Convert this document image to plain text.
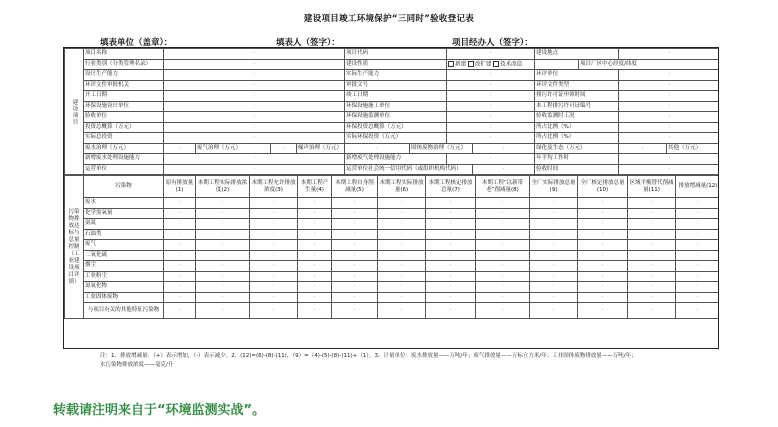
建设项目竣工环境保护“三同时”验收登记表
填表单位（盖章）：	填表人（签字）：	项目经办人（签字）：
建设项目	项目名称	·				项目代码		·		建设地点		·		
	行业类别（分类管理名录）	·				建设性质		新建 改扩建 技术改造			项目厂区中心经度/纬度	
	设计生产能力	·				实际生产能力		·		环评单位		·		
	环评文件审批机关	·				审批文号		·		环评文件类型		·		
	开工日期	·				竣工日期		·		排污许可证申领时间		·		
	环保设施设计单位	·				环保设施施工单位		·		本工程排污许可证编号		·		
	验收单位	·				环保设施监测单位		·		验收监测时工况		·		
	投资总概算（万元）	·				环保投资总概算（万元）		·		所占比例（%）		·		
	实际总投资	·				实际环保投资（万元）		·		所占比例（%）		·		
	废水治理（万元）	·	废气治理（万元）	·	噪声治理（万元）	·	固体废物治理（万元）		·	绿化及生态（万元）		·	其他（万元）	
	新增废水处理设施能力	·				新增废气处理设施能力		·		年平均工作时		·		
	运营单位	·				运营单位社会统一信用代码（或组织机构代码）			·	验收时间		·		
污染物排放达标与总量控制（工业建设项目详填）	污染物	原有排放量(1)	本期工程实际排放浓度(2)	本期工程允许排放浓度(3)	本期工程产生量(4)	本期工程自身削减量(5)	本期工程实际排放量(6)	本期工程核定排放总量(7)	本期工程“以新带老”削减量(8)	全厂实际排放总量(9)	全厂核定排放总量(10)	区域平衡替代削减量(11)	排放增减量(12)
	废水	·	·	·	·	·	·	·	·	·	·	·	·
	化学需氧量	·	·	·	·	·	·	·	·	·	·	·	·
	氨氮	·	·	·	·	·	·	·	·	·	·	·	·
	石油类	·	·	·	·	·	·	·	·	·	·	·	·
	废气	·	·	·	·	·	·	·	·	·	·	·	·
	二氧化硫	·	·	·	·	·	·	·	·	·	·	·	·
	烟尘	·	·	·	·	·	·	·	·	·	·	·	·
	工业粉尘	·	·	·	·	·	·	·	·	·	·	·	·
	氮氧化物	·	·	·	·	·	·	·	·	·	·	·	·
	工业固体废物	·	·	·	·	·	·	·	·	·	·	·	·
	与项目有关的其他特征污染物	·	·	·	·	·	·	·	·	·	·	·	·
注：1、排放增减量：（+）表示增加，（-）表示减少。2、(12)=(6)-(8)-(11)，（9）=（4)-(5)-(8)-(11)+（1）。3、计量单位：废水排放量——万吨/年；废气排放量——万标立方米/年；工业固体废物排放量——万吨/年；
水污染物排放浓度——毫克/升
转载请注明来自于“环境监测实战”。
